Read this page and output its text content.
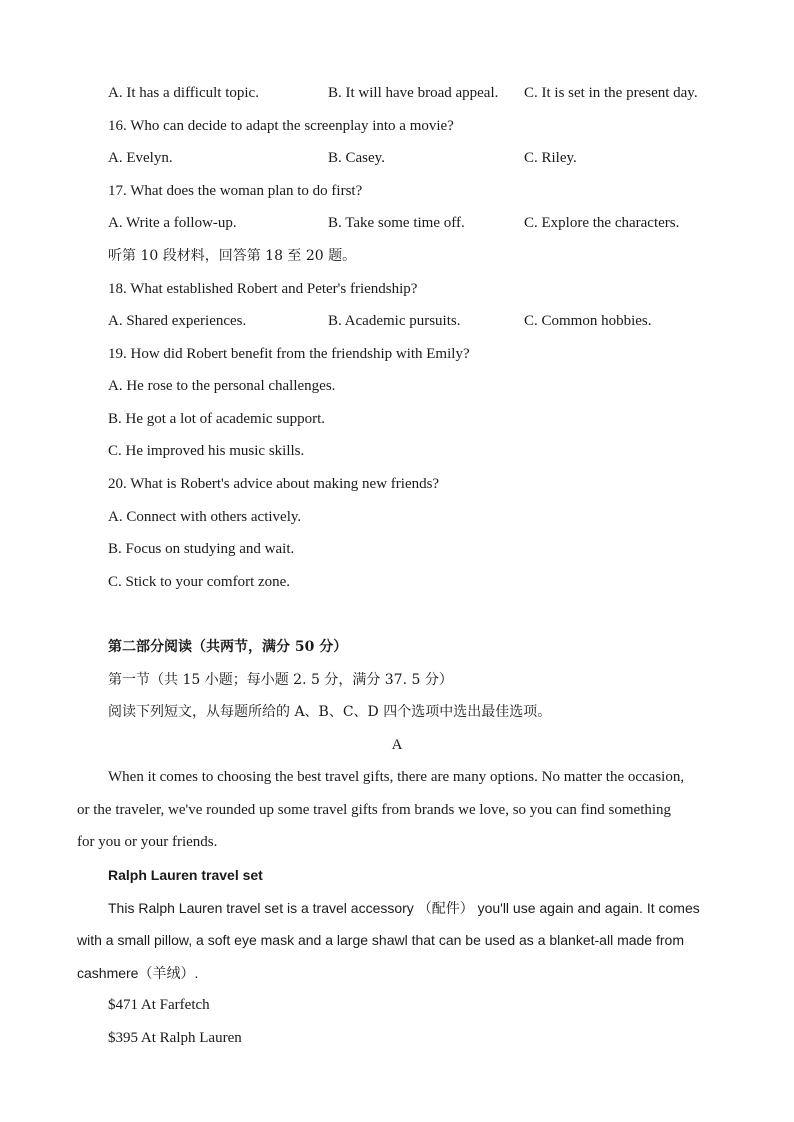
A. It has a difficult topic.	B. It will have broad appeal. C. It is set in the present day.
16. Who can decide to adapt the screenplay into a movie?
A. Evelyn.	B. Casey.	C. Riley.
17. What does the woman plan to do first?
A. Write a follow-up.	B. Take some time off.	C. Explore the characters.
听第 10 段材料，回答第 18 至 20 题。
18. What established Robert and Peter's friendship?
A. Shared experiences.	B. Academic pursuits.	C. Common hobbies.
19. How did Robert benefit from the friendship with Emily?
A. He rose to the personal challenges.
B. He got a lot of academic support.
C. He improved his music skills.
20. What is Robert's advice about making new friends?
A. Connect with others actively.
B. Focus on studying and wait.
C. Stick to your comfort zone.
第二部分阅读（共两节，满分 50 分）
第一节（共 15 小题；每小题 2. 5 分，满分 37. 5 分）
阅读下列短文，从每题所给的 A、B、C、D 四个选项中选出最佳选项。
A
When it comes to choosing the best travel gifts, there are many options. No matter the occasion,
or the traveler, we've rounded up some travel gifts from brands we love, so you can find something
for you or your friends.
Ralph Lauren travel set
This Ralph Lauren travel set is a travel accessory （配件） you'll use again and again. It comes
with a small pillow, a soft eye mask and a large shawl that can be used as a blanket-all made from
cashmere（羊绒）.
$471 At Farfetch
$395 At Ralph Lauren
